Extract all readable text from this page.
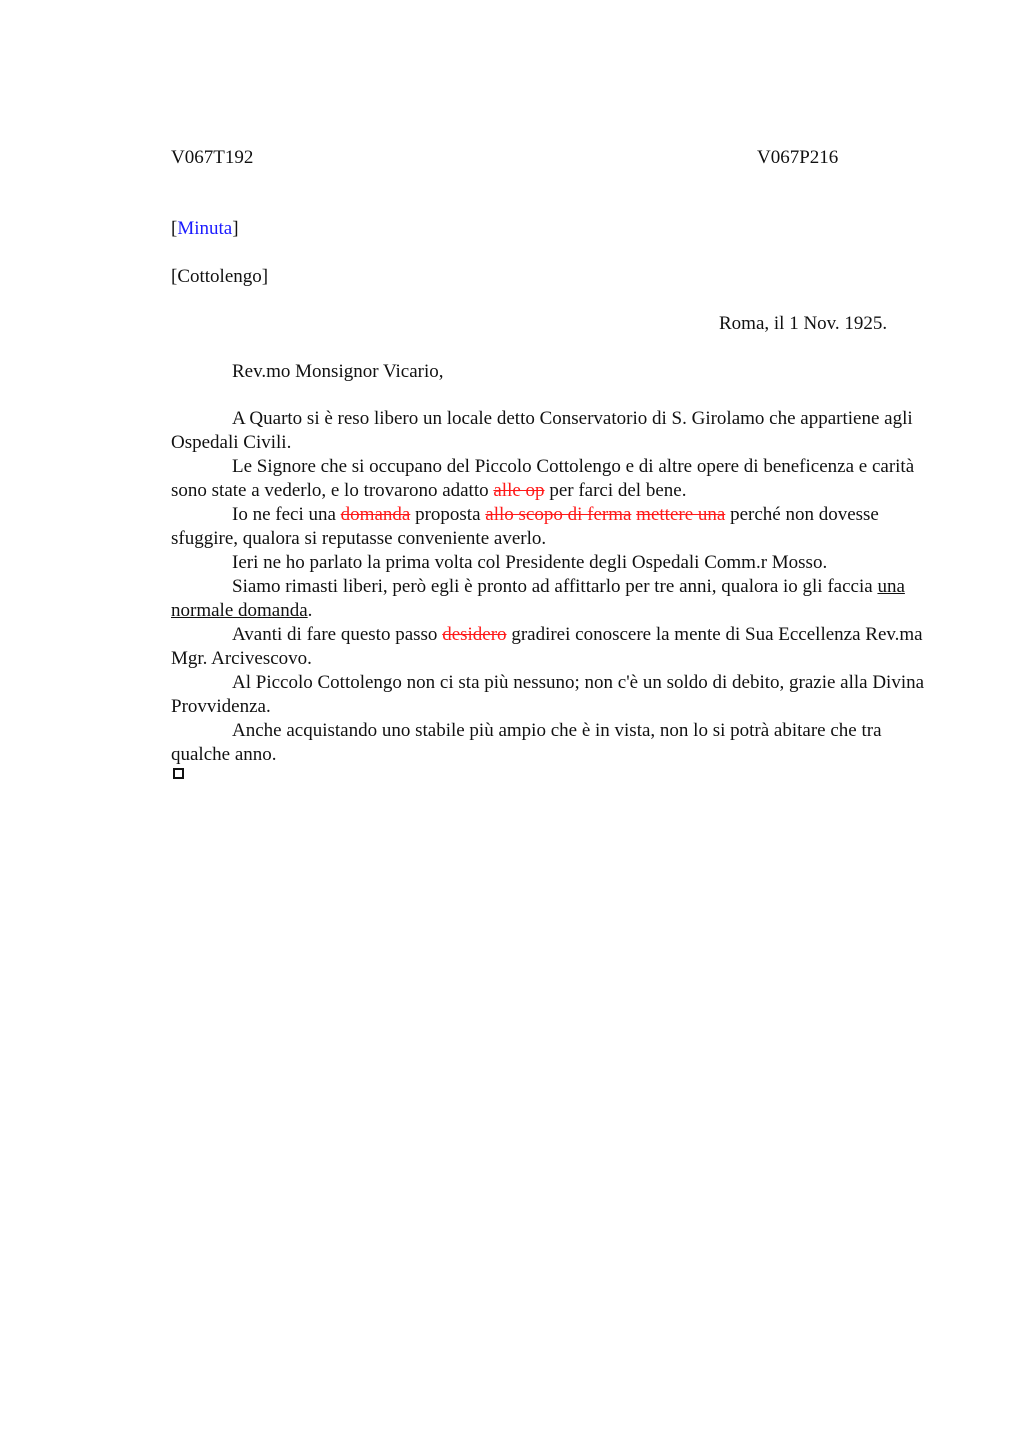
V067T192	V067P216
[Minuta]
[Cottolengo]
Roma, il 1 Nov. 1925.
Rev.mo Monsignor Vicario,

A Quarto si è reso libero un locale detto Conservatorio di S. Girolamo che appartiene agli Ospedali Civili.

Le Signore che si occupano del Piccolo Cottolengo e di altre opere di beneficenza e carità sono state a vederlo, e lo trovarono adatto alle op per farci del bene.

Io ne feci una domanda proposta allo scopo di ferma mettere una perché non dovesse sfuggire, qualora si reputasse conveniente averlo.

Ieri ne ho parlato la prima volta col Presidente degli Ospedali Comm.r Mosso.

Siamo rimasti liberi, però egli è pronto ad affittarlo per tre anni, qualora io gli faccia una normale domanda.

Avanti di fare questo passo desidero gradirei conoscere la mente di Sua Eccellenza Rev.ma Mgr. Arcivescovo.

Al Piccolo Cottolengo non ci sta più nessuno; non c'è un soldo di debito, grazie alla Divina Provvidenza.

Anche acquistando uno stabile più ampio che è in vista, non lo si potrà abitare che tra qualche anno.
